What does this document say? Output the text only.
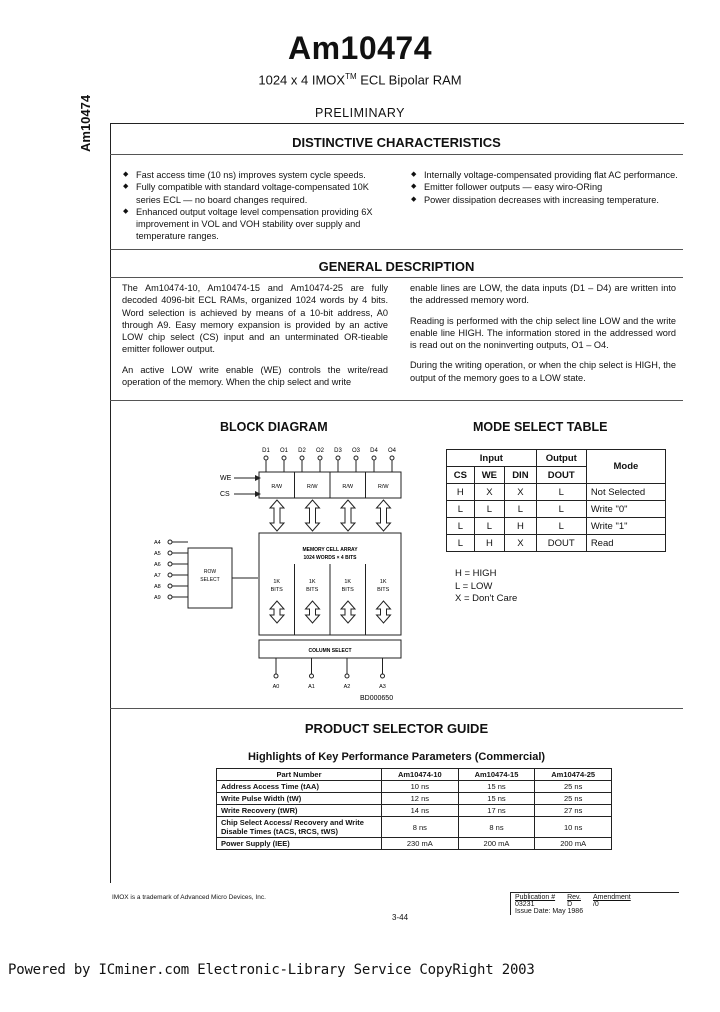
Am10474
1024 x 4 IMOX™ ECL Bipolar RAM
PRELIMINARY
Am10474	DISTINCTIVE CHARACTERISTICS
◆ Fast access time (10 ns) improves system cycle speeds.
◆ Fully compatible with standard voltage-compensated 10K series ECL — no board changes required.
◆ Enhanced output voltage level compensation providing 6X improvement in VOL and VOH stability over supply and temperature ranges.
◆ Internally voltage-compensated providing flat AC performance.
◆ Emitter follower outputs — easy wiro-ORing
◆ Power dissipation decreases with increasing temperature.
GENERAL DESCRIPTION

The Am10474-10, Am10474-15 and Am10474-25 are fully decoded 4096-bit ECL RAMs, organized 1024 words by 4 bits. Word selection is achieved by means of a 10-bit address, A0 through A9. Easy memory expansion is provided by an active LOW chip select (CS) input and an unterminated OR-tieable emitter follower output.

An active LOW write enable (WE) controls the write/read operation of the memory. When the chip select and write

enable lines are LOW, the data inputs (D1 – D4) are written into the addressed memory word.

Reading is performed with the chip select line LOW and the write enable line HIGH. The information stored in the addressed word is read out on the noninverting outputs, O1 – O4.

During the writing operation, or when the chip select is HIGH, the output of the memory goes to a LOW state.

BLOCK DIAGRAM
D1 O1 D2 O2 D3 O3 D4 O4
WE
CS
R/W	R/W	R/W	R/W
MEMORY CELL ARRAY
1024 WORDS × 4 BITS
1K
BITS
1K
BITS
1K
BITS
1K
BITS
ROW
SELECT
A4
A5
A6
A7
A8
A9
COLUMN SELECT
A0	A1	A2	A3
BD000650
MODE SELECT TABLE
Input			Output	Mode
CS	WE	DIN	DOUT	
H	X	X	L	Not Selected
L	L	L	L	Write "0"
L	L	H	L	Write "1"
L	H	X	DOUT	Read
H = HIGH
L = LOW
X = Don't Care
PRODUCT SELECTOR GUIDE
Highlights of Key Performance Parameters (Commercial)
Part Number	Am10474-10	Am10474-15	Am10474-25
Address Access Time (tAA)	10 ns	15 ns	25 ns
Write Pulse Width (tW)	12 ns	15 ns	25 ns
Write Recovery (tWR)	14 ns	17 ns	27 ns
Chip Select Access/ Recovery and Write Disable Times (tACS, tRCS, tWS)	8 ns	8 ns	10 ns
Power Supply (IEE)	230 mA	200 mA	200 mA
IMOX is a trademark of Advanced Micro Devices, Inc.
3-44
Publication #	Rev.	Amendment
03231	D	/0
Issue Date: May 1986
Powered by ICminer.com Electronic-Library Service CopyRight 2003
